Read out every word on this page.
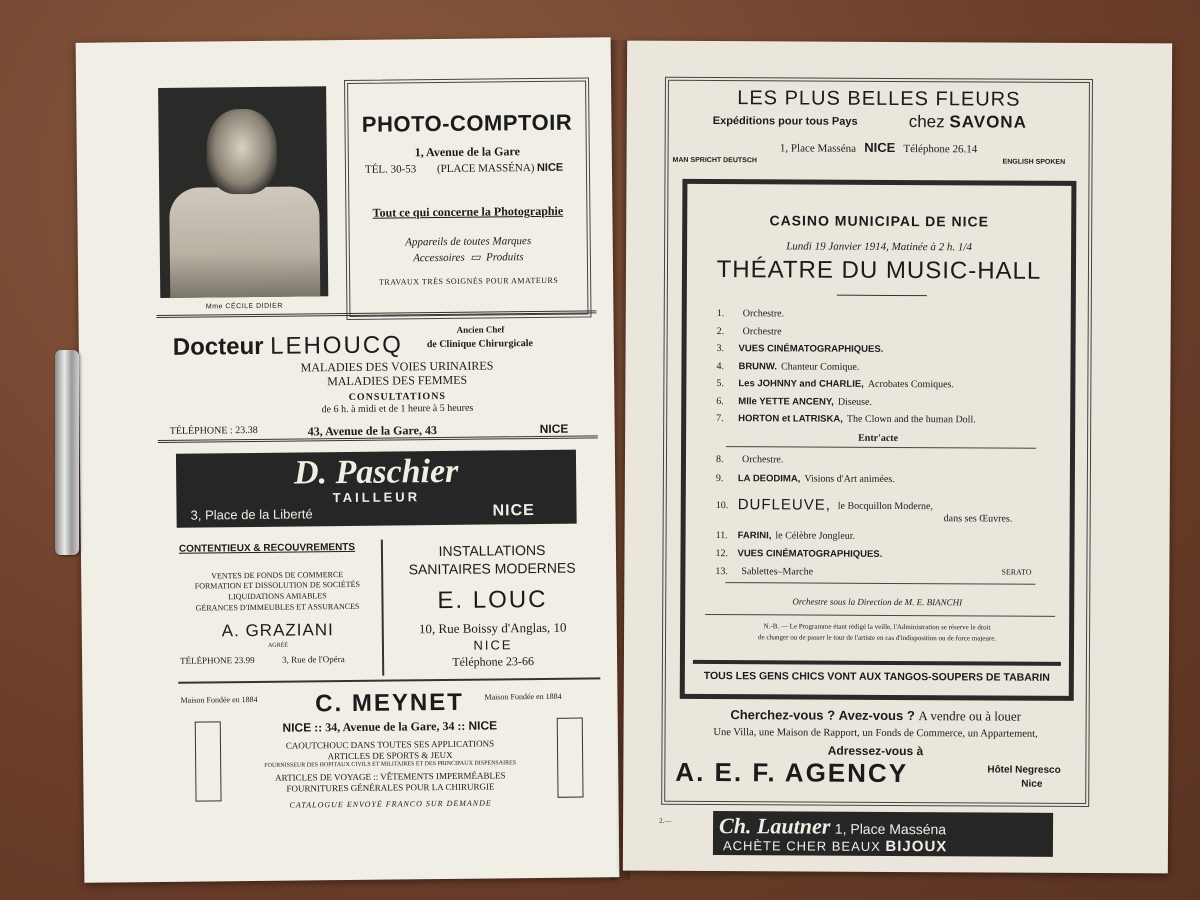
Mme CÉCILE DIDIER
PHOTO-COMPTOIR
1, Avenue de la Gare
TÉL. 30-53 (PLACE MASSÉNA) NICE
Tout ce qui concerne la Photographie
Appareils de toutes Marques
Accessoires ▭ Produits
TRAVAUX TRÈS SOIGNÉS POUR AMATEURS
Docteur LEHOUCQ
Ancien Chef
de Clinique Chirurgicale
MALADIES DES VOIES URINAIRES
MALADIES DES FEMMES
CONSULTATIONS
de 6 h. à midi et de 1 heure à 5 heures
TÉLÉPHONE : 23.38	43, Avenue de la Gare, 43	NICE
D. Paschier
TAILLEUR
3, Place de la Liberté	NICE
CONTENTIEUX & RECOUVREMENTS
VENTES DE FONDS DE COMMERCE
FORMATION ET DISSOLUTION DE SOCIÉTÉS
LIQUIDATIONS AMIABLES
GÉRANCES D'IMMEUBLES ET ASSURANCES
A. GRAZIANI
AGRÉÉ
TÉLÉPHONE 23.99	3, Rue de l'Opéra
INSTALLATIONS
SANITAIRES MODERNES
E. LOUC
10, Rue Boissy d'Anglas, 10
NICE
Téléphone 23-66
Maison Fondée en 1884	Maison Fondée en 1884
C. MEYNET
NICE :: 34, Avenue de la Gare, 34 :: NICE
CAOUTCHOUC DANS TOUTES SES APPLICATIONS
ARTICLES DE SPORTS & JEUX
FOURNISSEUR DES HOPITAUX CIVILS ET MILITAIRES ET DES PRINCIPAUX DISPENSAIRES
ARTICLES DE VOYAGE :: VÊTEMENTS IMPERMÉABLES
FOURNITURES GÉNÉRALES POUR LA CHIRURGIE
CATALOGUE ENVOYÉ FRANCO SUR DEMANDE
LES PLUS BELLES FLEURS
Expéditions pour tous Pays	chez SAVONA
1, Place Masséna NICE Téléphone 26.14
MAN SPRICHT DEUTSCH	ENGLISH SPOKEN
CASINO MUNICIPAL DE NICE
Lundi 19 Janvier 1914, Matinée à 2 h. 1/4
THÉATRE DU MUSIC-HALL
1.	Orchestre.
2.	Orchestre
3. VUES CINÉMATOGRAPHIQUES.
4. BRUNW. Chanteur Comique.
5. Les JOHNNY and CHARLIE, Acrobates Comiques.
6. Mlle YETTE ANCENY, Diseuse.
7. HORTON et LATRISKA, The Clown and the human Doll.
Entr'acte
8.	Orchestre.
9. LA DEODIMA, Visions d'Art animées.
10. DUFLEUVE, le Bocquillon Moderne,
dans ses Œuvres.
11. FARINI, le Célèbre Jongleur.
12. VUES CINÉMATOGRAPHIQUES.
13.	Sablettes–Marche	SERATO
Orchestre sous la Direction de M. E. BIANCHI
N.-B. — Le Programme étant rédigé la veille, l'Administration se réserve le droit
de changer ou de passer le tour de l'artiste en cas d'indisposition ou de force majeure.
TOUS LES GENS CHICS VONT AUX TANGOS-SOUPERS DE TABARIN
Cherchez-vous ? Avez-vous ? A vendre ou à louer
Une Villa, une Maison de Rapport, un Fonds de Commerce, un Appartement,
Adressez-vous à
A. E. F. AGENCY	Hôtel Negresco
Nice
2.—	Ch. Lautner 1, Place Masséna
ACHÈTE CHER BEAUX BIJOUX
